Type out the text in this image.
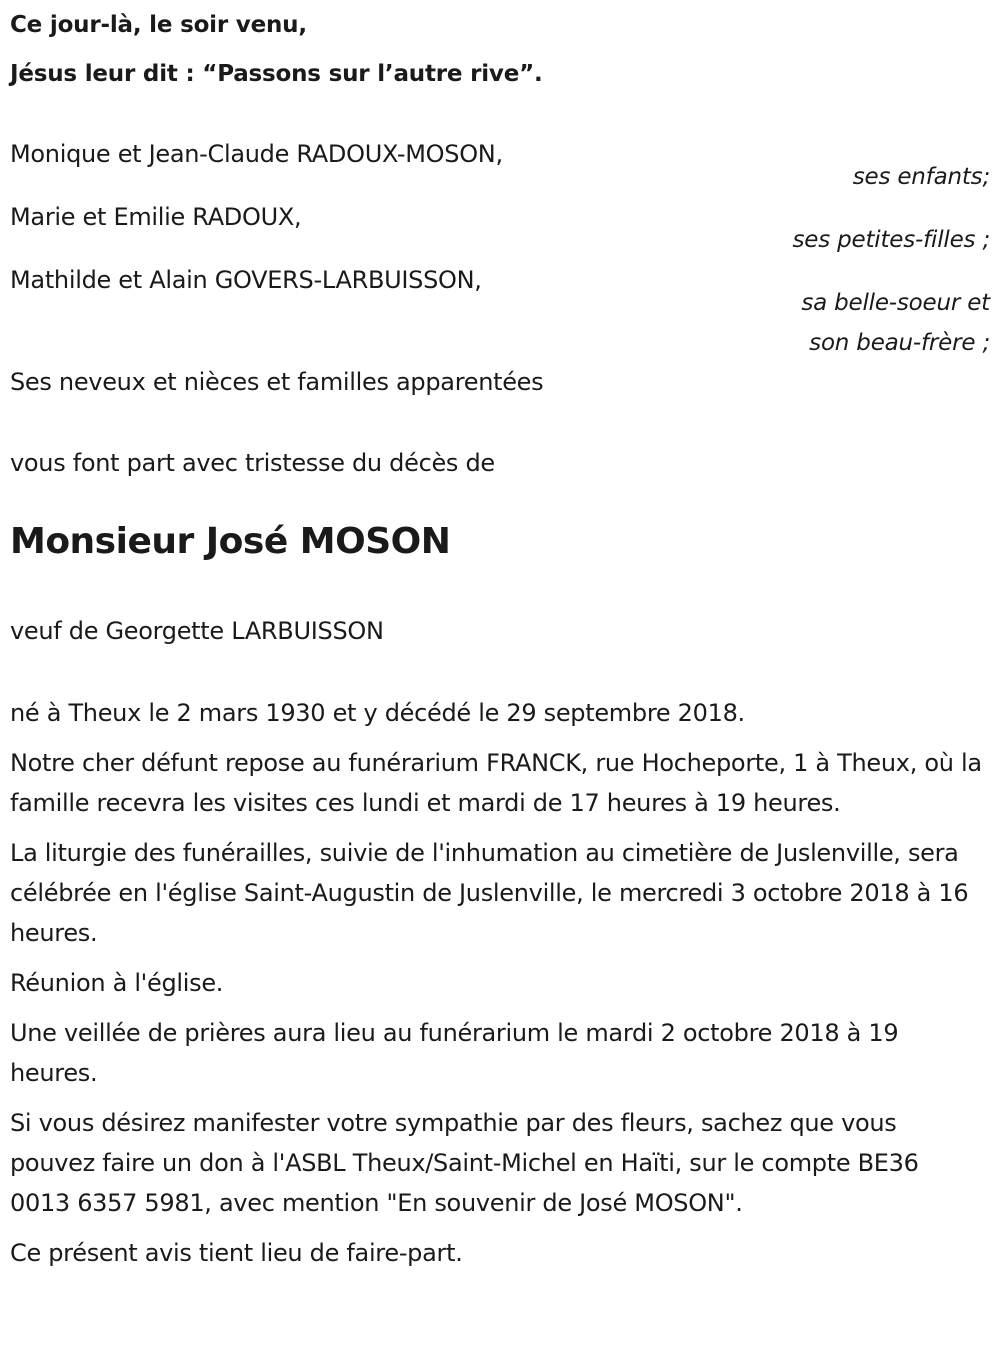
Ce jour-là, le soir venu,
Jésus leur dit : “Passons sur l’autre rive”.
Monique et Jean-Claude RADOUX-MOSON,
ses enfants;
Marie et Emilie RADOUX,
ses petites-filles ;
Mathilde et Alain GOVERS-LARBUISSON,
sa belle-soeur et
son beau-frère ;
Ses neveux et nièces et familles apparentées
vous font part avec tristesse du décès de
Monsieur José MOSON
veuf de Georgette LARBUISSON

né à Theux le 2 mars 1930 et y décédé le 29 septembre 2018.

Notre cher défunt repose au funérarium FRANCK, rue Hocheporte, 1 à Theux, où la famille recevra les visites ces lundi et mardi de 17 heures à 19 heures.

La liturgie des funérailles, suivie de l'inhumation au cimetière de Juslenville, sera célébrée en l'église Saint-Augustin de Juslenville, le mercredi 3 octobre 2018 à 16 heures.

Réunion à l'église.

Une veillée de prières aura lieu au funérarium le mardi 2 octobre 2018 à 19 heures.

Si vous désirez manifester votre sympathie par des fleurs, sachez que vous pouvez faire un don à l'ASBL Theux/Saint-Michel en Haïti, sur le compte BE36 0013 6357 5981, avec mention "En souvenir de José MOSON".

Ce présent avis tient lieu de faire-part.
